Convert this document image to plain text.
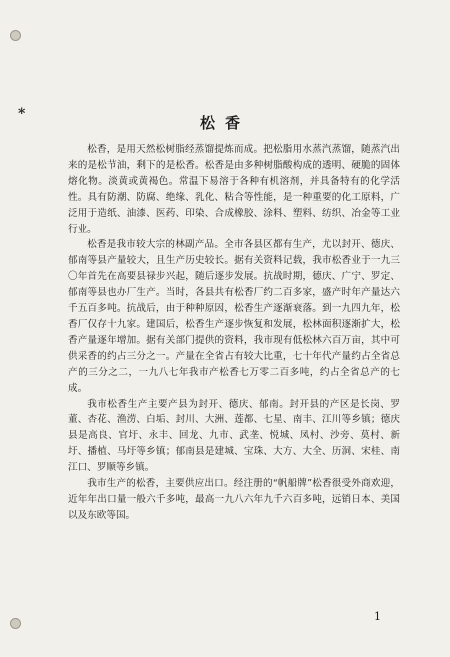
*	松香

松香，是用天然松树脂经蒸馏提炼而成。把松脂用水蒸汽蒸馏，随蒸汽出来的是松节油，剩下的是松香。松香是由多种树脂酸构成的透明、硬脆的固体熔化物。淡黄或黄褐色。常温下易溶于各种有机溶剂，并具备特有的化学活性。具有防潮、防腐、绝缘、乳化、粘合等性能，是一种重要的化工原料，广泛用于造纸、油漆、医药、印染、合成橡胶、涂料、塑料、纺织、冶金等工业行业。

松香是我市较大宗的林副产品。全市各县区都有生产，尤以封开、德庆、郁南等县产量较大，且生产历史较长。据有关资料记载，我市松香业于一九三〇年首先在高要县禄步兴起，随后逐步发展。抗战时期，德庆、广宁、罗定、郁南等县也办厂生产。当时，各县共有松香厂约二百多家，盛产时年产量达六千五百多吨。抗战后，由于种种原因，松香生产逐渐衰落。到一九四九年，松香厂仅存十九家。建国后，松香生产逐步恢复和发展，松林面积逐渐扩大，松香产量逐年增加。据有关部门提供的资料，我市现有低松林六百万亩，其中可供采香的约占三分之一。产量在全省占有较大比重，七十年代产量约占全省总产的三分之二，一九八七年我市产松香七万零二百多吨，约占全省总产的七成。

我市松香生产主要产县为封开、德庆、郁南。封开县的产区是长岗、罗董、杏花、渔涝、白垢、封川、大洲、莲都、七星、南丰、江川等乡镇；德庆县是高良、官圩、永丰、回龙、九市、武垄、悦城、凤村、沙旁、莫村、新圩、播植、马圩等乡镇；郁南县是建城、宝珠、大方、大全、历洞、宋桂、南江口、罗顺等乡镇。

我市生产的松香，主要供应出口。经注册的“帆船牌”松香很受外商欢迎，近年年出口量一般六千多吨，最高一九八六年九千六百多吨，远销日本、美国以及东欧等国。

1
